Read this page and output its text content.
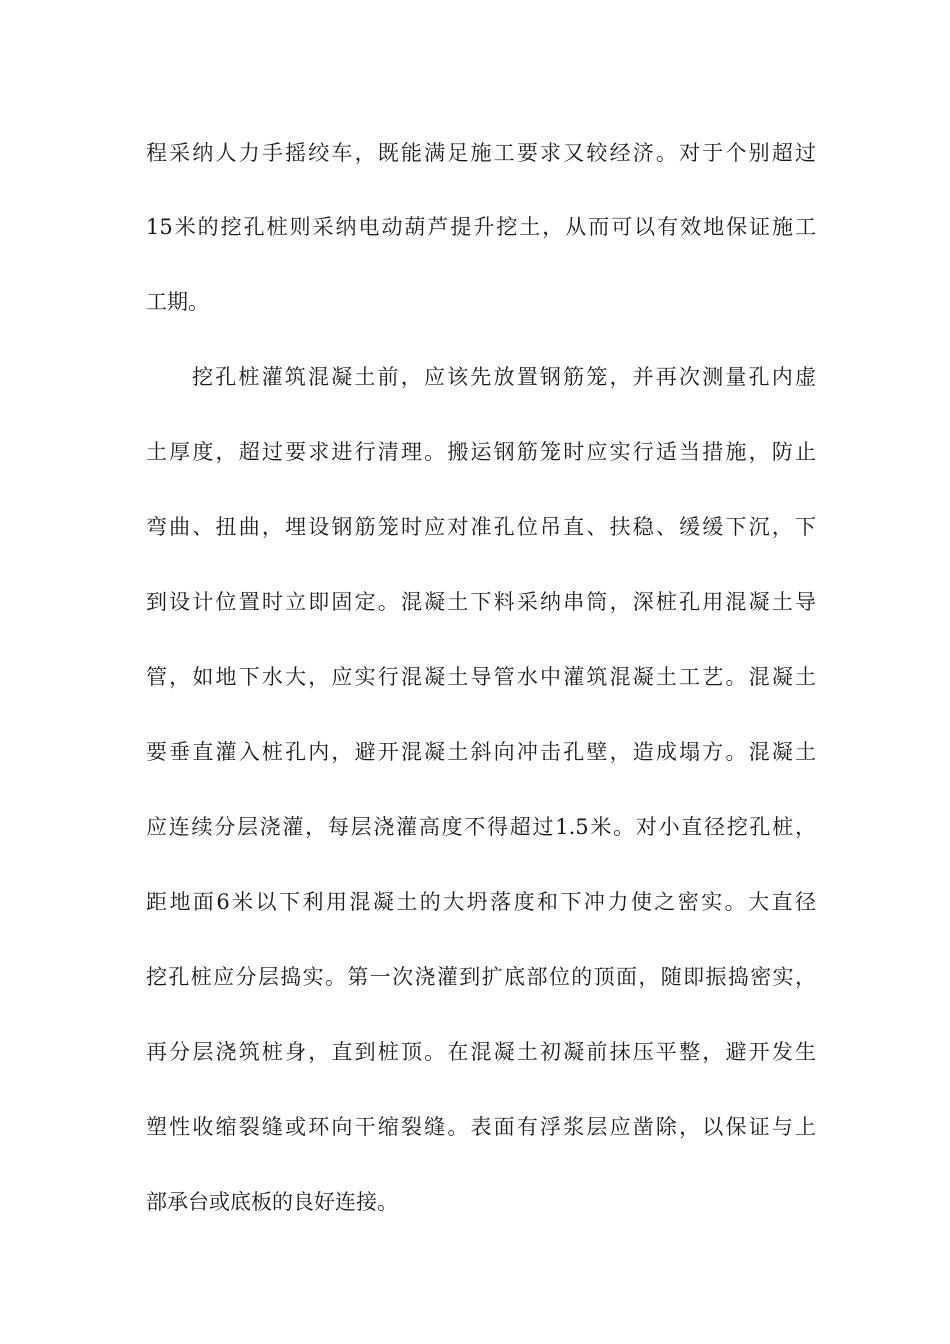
程采纳人力手摇绞车，既能满足施工要求又较经济。对于个别超过
15米的挖孔桩则采纳电动葫芦提升挖土，从而可以有效地保证施工
工期。
挖孔桩灌筑混凝土前，应该先放置钢筋笼，并再次测量孔内虚
土厚度，超过要求进行清理。搬运钢筋笼时应实行适当措施，防止
弯曲、扭曲，埋设钢筋笼时应对准孔位吊直、扶稳、缓缓下沉，下
到设计位置时立即固定。混凝土下料采纳串筒，深桩孔用混凝土导
管，如地下水大，应实行混凝土导管水中灌筑混凝土工艺。混凝土
要垂直灌入桩孔内，避开混凝土斜向冲击孔壁，造成塌方。混凝土
应连续分层浇灌，每层浇灌高度不得超过1.5米。对小直径挖孔桩，
距地面6米以下利用混凝土的大坍落度和下冲力使之密实。大直径
挖孔桩应分层捣实。第一次浇灌到扩底部位的顶面，随即振捣密实，
再分层浇筑桩身，直到桩顶。在混凝土初凝前抹压平整，避开发生
塑性收缩裂缝或环向干缩裂缝。表面有浮浆层应凿除，以保证与上
部承台或底板的良好连接。
